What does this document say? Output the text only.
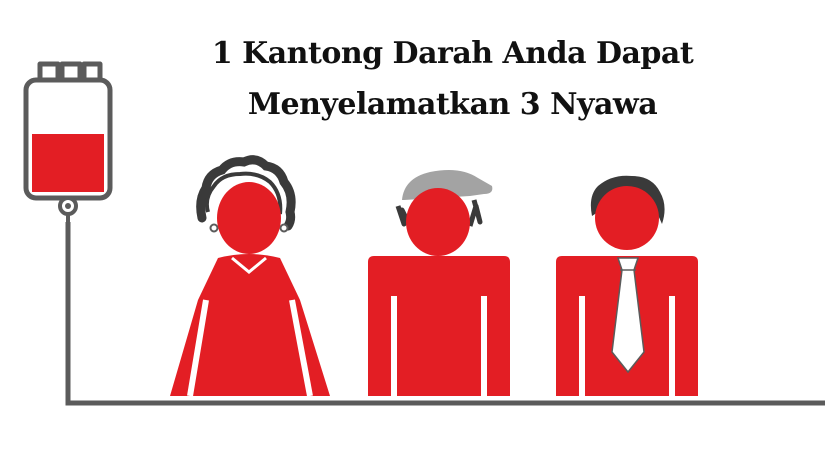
1 Kantong Darah Anda Dapat
Menyelamatkan 3 Nyawa
